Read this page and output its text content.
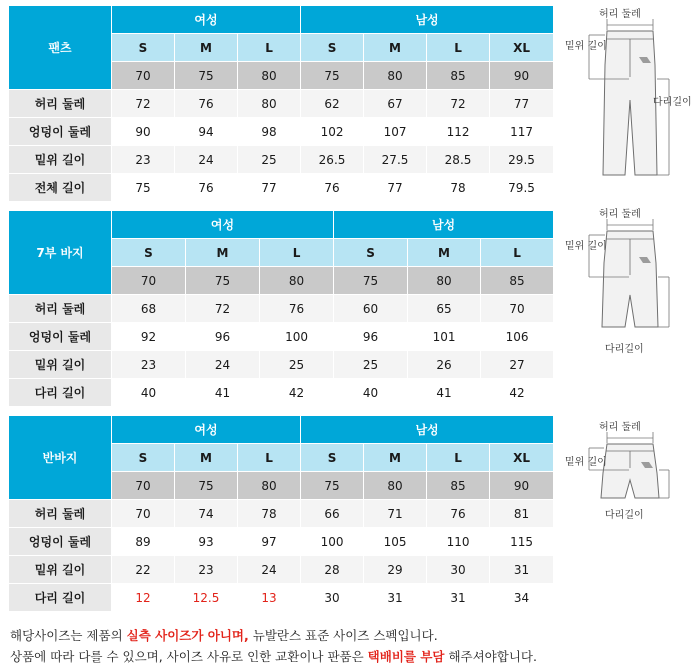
팬츠	여성			남성			
	S	M	L	S	M	L	XL
	70	75	80	75	80	85	90
허리 둘레	72	76	80	62	67	72	77
엉덩이 둘레	90	94	98	102	107	112	117
밑위 길이	23	24	25	26.5	27.5	28.5	29.5
전체 길이	75	76	77	76	77	78	79.5
허리 둘레
밑위 길이
다리길이
7부 바지	여성			남성		
	S	M	L	S	M	L
	70	75	80	75	80	85
허리 둘레	68	72	76	60	65	70
엉덩이 둘레	92	96	100	96	101	106
밑위 길이	23	24	25	25	26	27
다리 길이	40	41	42	40	41	42
허리 둘레
밑위 길이
다리길이
반바지	여성			남성			
	S	M	L	S	M	L	XL
	70	75	80	75	80	85	90
허리 둘레	70	74	78	66	71	76	81
엉덩이 둘레	89	93	97	100	105	110	115
밑위 길이	22	23	24	28	29	30	31
다리 길이	12	12.5	13	30	31	31	34
허리 둘레
밑위 길이
다리길이
해당사이즈는 제품의 실측 사이즈가 아니며, 뉴발란스 표준 사이즈 스펙입니다.
상품에 따라 다를 수 있으며, 사이즈 사유로 인한 교환이나 판품은 택배비를 부담 해주셔야합니다.
